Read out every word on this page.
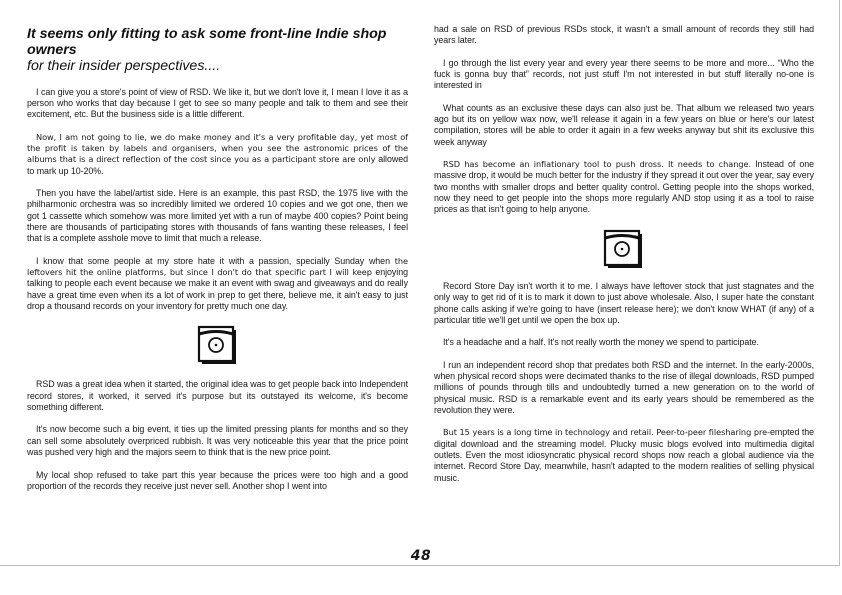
It seems only fitting to ask some front-line Indie shop owners
for their insider perspectives....

I can give you a store's point of view of RSD. We like it, but we don't love it, I mean I love it as a person who works that day because I get to see so many people and talk to them and see their excitement, etc. But the business side is a little different.

Now, I am not going to lie, we do make money and it's a very profitable day, yet most of the profit is taken by labels and organisers, when you see the astronomic prices of the albums that is a direct reflection of the cost since you as a participant store are only allowed to mark up 10-20%.

Then you have the label/artist side. Here is an example, this past RSD, the 1975 live with the philharmonic orchestra was so incredibly limited we ordered 10 copies and we got one, then we got 1 cassette which somehow was more limited yet with a run of maybe 400 copies? Point being there are thousands of participating stores with thousands of fans wanting these releases, I feel that is a complete asshole move to limit that much a release.

I know that some people at my store hate it with a passion, specially Sunday when the leftovers hit the online platforms, but since I don't do that specific part I will keep enjoying talking to people each event because we make it an event with swag and giveaways and do really have a great time even when its a lot of work in prep to get there, believe me, it ain't easy to just drop a thousand records on your inventory for pretty much one day.

RSD was a great idea when it started, the original idea was to get people back into Independent record stores, it worked, it served it's purpose but its outstayed its welcome, it's become something different.

It's now become such a big event, it ties up the limited pressing plants for months and so they can sell some absolutely overpriced rubbish. It was very noticeable this year that the price point was pushed very high and the majors seem to think that is the new price point.

My local shop refused to take part this year because the prices were too high and a good proportion of the records they receive just never sell. Another shop I went into

had a sale on RSD of previous RSDs stock, it wasn't a small amount of records they still had years later.

I go through the list every year and every year there seems to be more and more... “Who the fuck is gonna buy that” records, not just stuff I'm not interested in but stuff literally no-one is interested in

What counts as an exclusive these days can also just be. That album we released two years ago but its on yellow wax now, we'll release it again in a few years on blue or here's our latest compilation, stores will be able to order it again in a few weeks anyway but shit its exclusive this week anyway

RSD has become an inflationary tool to push dross. It needs to change. Instead of one massive drop, it would be much better for the industry if they spread it out over the year, say every two months with smaller drops and better quality control. Getting people into the shops worked, now they need to get people into the shops more regularly AND stop using it as a tool to raise prices as that isn't going to help anyone.

Record Store Day isn't worth it to me. I always have leftover stock that just stagnates and the only way to get rid of it is to mark it down to just above wholesale. Also, I super hate the constant phone calls asking if we're going to have (insert release here); we don't know WHAT (if any) of a particular title we'll get until we open the box up.

It's a headache and a half. It's not really worth the money we spend to participate.

I run an independent record shop that predates both RSD and the internet. In the early-2000s, when physical record shops were decimated thanks to the rise of illegal downloads, RSD pumped millions of pounds through tills and undoubtedly turned a new generation on to the world of physical music. RSD is a remarkable event and its early years should be remembered as the revolution they were.

But 15 years is a long time in technology and retail. Peer-to-peer filesharing pre-empted the digital download and the streaming model. Plucky music blogs evolved into multimedia digital outlets. Even the most idiosyncratic physical record shops now reach a global audience via the internet. Record Store Day, meanwhile, hasn't adapted to the modern realities of selling physical music.

48
